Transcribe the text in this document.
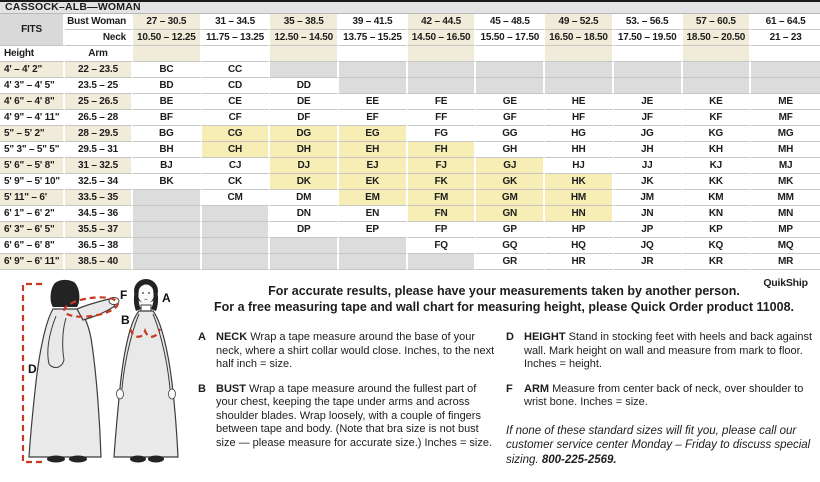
CASSOCK–ALB—WOMAN
FITS	Bust Woman	27 – 30.5	31 – 34.5	35 – 38.5	39 – 41.5	42 – 44.5	45 – 48.5	49 – 52.5	53. – 56.5	57 – 60.5	61 – 64.5
	Neck	10.50 – 12.25	11.75 – 13.25	12.50 – 14.50	13.75 – 15.25	14.50 – 16.50	15.50 – 17.50	16.50 – 18.50	17.50 – 19.50	18.50 – 20.50	21 – 23
Height	Arm										
4' – 4' 2"	22 – 23.5	BC	CC								
4' 3" – 4' 5"	23.5 – 25	BD	CD	DD							
4' 6" – 4' 8"	25 – 26.5	BE	CE	DE	EE	FE	GE	HE	JE	KE	ME
4' 9" – 4' 11"	26.5 – 28	BF	CF	DF	EF	FF	GF	HF	JF	KF	MF
5" – 5' 2"	28 – 29.5	BG	CG	DG	EG	FG	GG	HG	JG	KG	MG
5" 3" – 5" 5"	29.5 – 31	BH	CH	DH	EH	FH	GH	HH	JH	KH	MH
5' 6" – 5' 8"	31 – 32.5	BJ	CJ	DJ	EJ	FJ	GJ	HJ	JJ	KJ	MJ
5' 9" – 5' 10"	32.5 – 34	BK	CK	DK	EK	FK	GK	HK	JK	KK	MK
5' 11" – 6'	33.5 – 35		CM	DM	EM	FM	GM	HM	JM	KM	MM
6' 1" – 6' 2"	34.5 – 36			DN	EN	FN	GN	HN	JN	KN	MN
6' 3" – 6' 5"	35.5 – 37			DP	EP	FP	GP	HP	JP	KP	MP
6' 6" – 6' 8"	36.5 – 38					FQ	GQ	HQ	JQ	KQ	MQ
6' 9" – 6' 11"	38.5 – 40						GR	HR	JR	KR	MR
											QuikShip
D
F	A
B
For accurate results, please have your measurements taken by another person.
For a free measuring tape and wall chart for measuring height, please Quick Order product 11008.

A NECK Wrap a tape measure around the base of your neck, where a shirt collar would close. Inches, to the next half inch = size.

B BUST Wrap a tape measure around the fullest part of your chest, keeping the tape under arms and across shoulder blades. Wrap loosely, with a couple of fingers between tape and body. (Note that bra size is not bust size — please measure for accurate size.) Inches = size.

D HEIGHT Stand in stocking feet with heels and back against wall. Mark height on wall and measure from mark to floor. Inches = height.

F ARM Measure from center back of neck, over shoulder to wrist bone. Inches = size.

If none of these standard sizes will fit you, please call our customer service center Monday – Friday to discuss special sizing. 800-225-2569.
